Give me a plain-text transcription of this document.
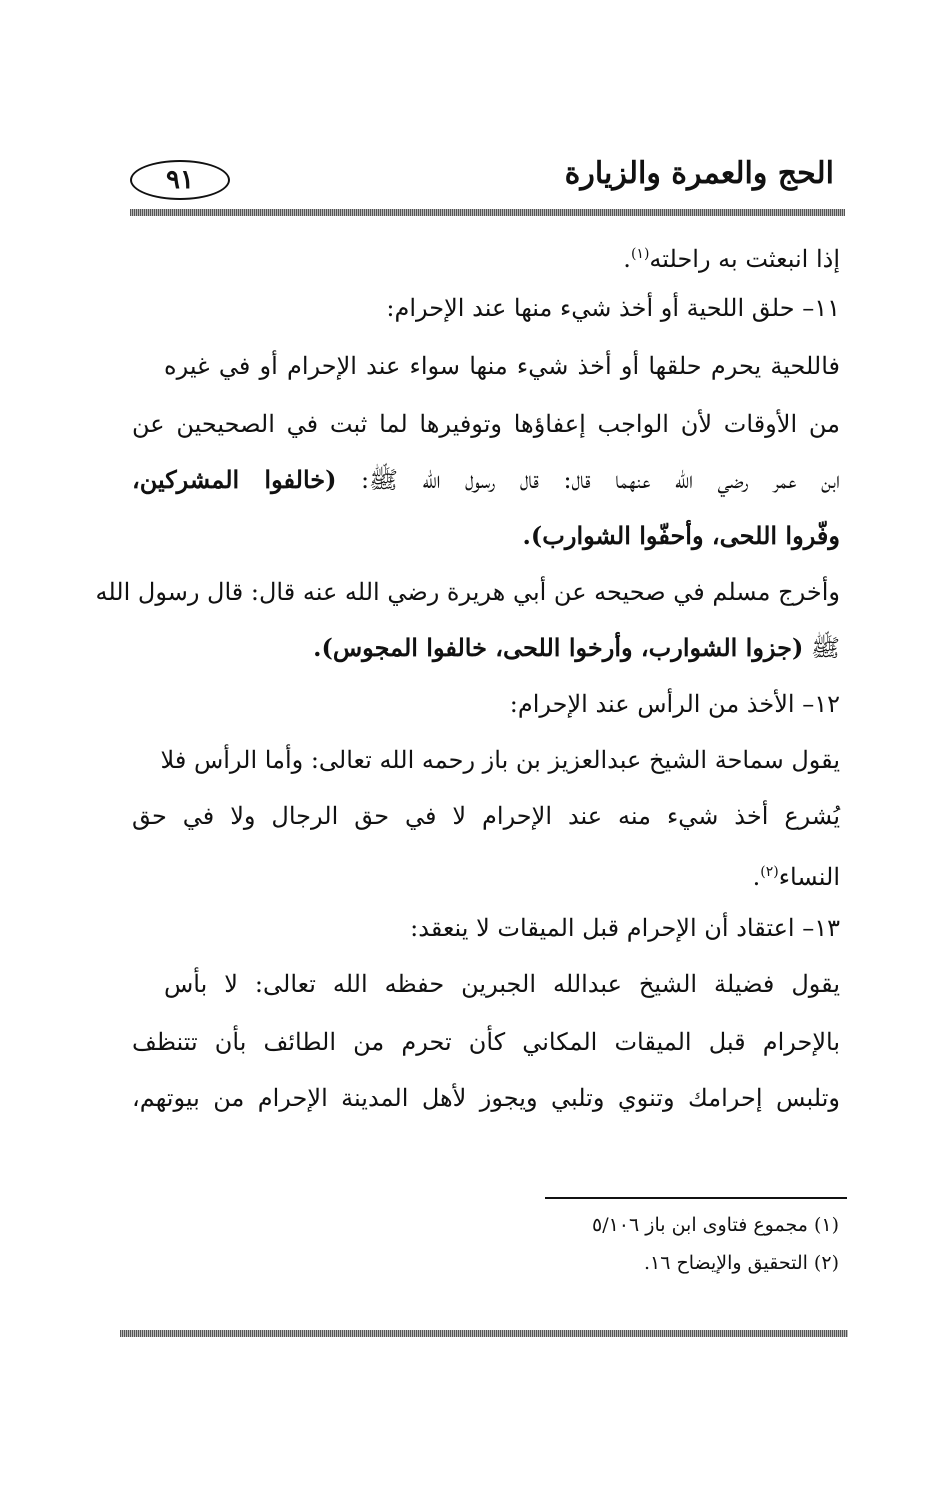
الحج والعمرة والزيارة
٩١
إذا انبعثت به راحلته$^{(١)}$.
١١– حلق اللحية أو أخذ شيء منها عند الإحرام:
فاللحية يحرم حلقها أو أخذ شيء منها سواء عند الإحرام أو في غيره
من الأوقات لأن الواجب إعفاؤها وتوفيرها لما ثبت في الصحيحين عن
ابن عمر رضي الله عنهما قال: قال رسول الله ﷺ: (خالفوا المشركين،
وفّروا اللحى، وأحفّوا الشوارب).
وأخرج مسلم في صحيحه عن أبي هريرة رضي الله عنه قال: قال رسول الله
ﷺ (جزوا الشوارب، وأرخوا اللحى، خالفوا المجوس).
١٢– الأخذ من الرأس عند الإحرام:
يقول سماحة الشيخ عبدالعزيز بن باز رحمه الله تعالى: وأما الرأس فلا
يُشرع أخذ شيء منه عند الإحرام لا في حق الرجال ولا في حق
النساء$^{(٢)}$.
١٣– اعتقاد أن الإحرام قبل الميقات لا ينعقد:
يقول فضيلة الشيخ عبدالله الجبرين حفظه الله تعالى: لا بأس
بالإحرام قبل الميقات المكاني كأن تحرم من الطائف بأن تتنظف
وتلبس إحرامك وتنوي وتلبي ويجوز لأهل المدينة الإحرام من بيوتهم،
(١) مجموع فتاوى ابن باز ٥/١٠٦
(٢) التحقيق والإيضاح ١٦.
